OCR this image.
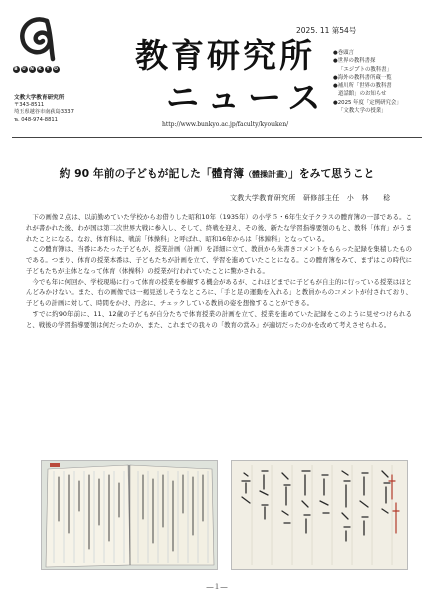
B U N K	Y O
文教大学教育研究所
〒343-8511
埼玉県越谷市南荻島3337
℡ 048-974-8811
教育研究所
ニュース
2025. 11 第54号
http://www.bunkyo.ac.jp/faculty/kyouken/
●巻頭言
●世界の教科書探
「エジプトの教科書」
●海外の教科書所蔵一覧
●補川所「世界の教科書
道話館」のお知らせ
●2025 年度「定例研究会」
「文教大学の授業」
約 90 年前の子どもが記した「體育簿（體操計畫）」をみて思うこと
文教大学教育研究所　研修部主任　小　林　　稔

下の画像２点は、以前勤めていた学校からお借りした昭和10年（1935年）の小学５・6年生女子クラスの體育簿の一部である。これが書かれた後、わが国は第二次世界大戦に参入し、そして、終戦を迎え、その後、新たな学習指導要領のもと、教科「体育」がうまれたことになる。なお、体育科は、戦前「体操科」と呼ばれ、昭和16年からは「体錬科」となっている。

この體育簿は、当番にあたった子どもが、授業計画（計画）を詳細に立て、教員から朱書きコメントをもらった記録を集積したものである。つまり、体育の授業本番は、子どもたちが計画を立て、学習を進めていたことになる。この體育簿をみて、まずはこの時代に子どもたちが主体となって体育（体操科）の授業が行われていたことに驚かされる。

今でも年に何回か、学校現場に行って体育の授業を参観する機会があるが、これほどまでに子どもが自主的に行っている授業はほとんどみかけない。また、右の画像では一褐見送しそうなところに、「手と足の運動を入れる」と教員からのコメントが付されており、子どもの計画に対して、時間をかけ、丹念に、チェックしている教員の姿を想像することができる。

すでに約90年前に、11、12歳の子どもが自分たちで体育授業の計画を立て、授業を進めていた記録をこのように見せつけられると、戦後の学習指導要領は何だったのか、また、これまでの我々の「教育の営み」が適切だったのかを改めて考えさせられる。

―１―
